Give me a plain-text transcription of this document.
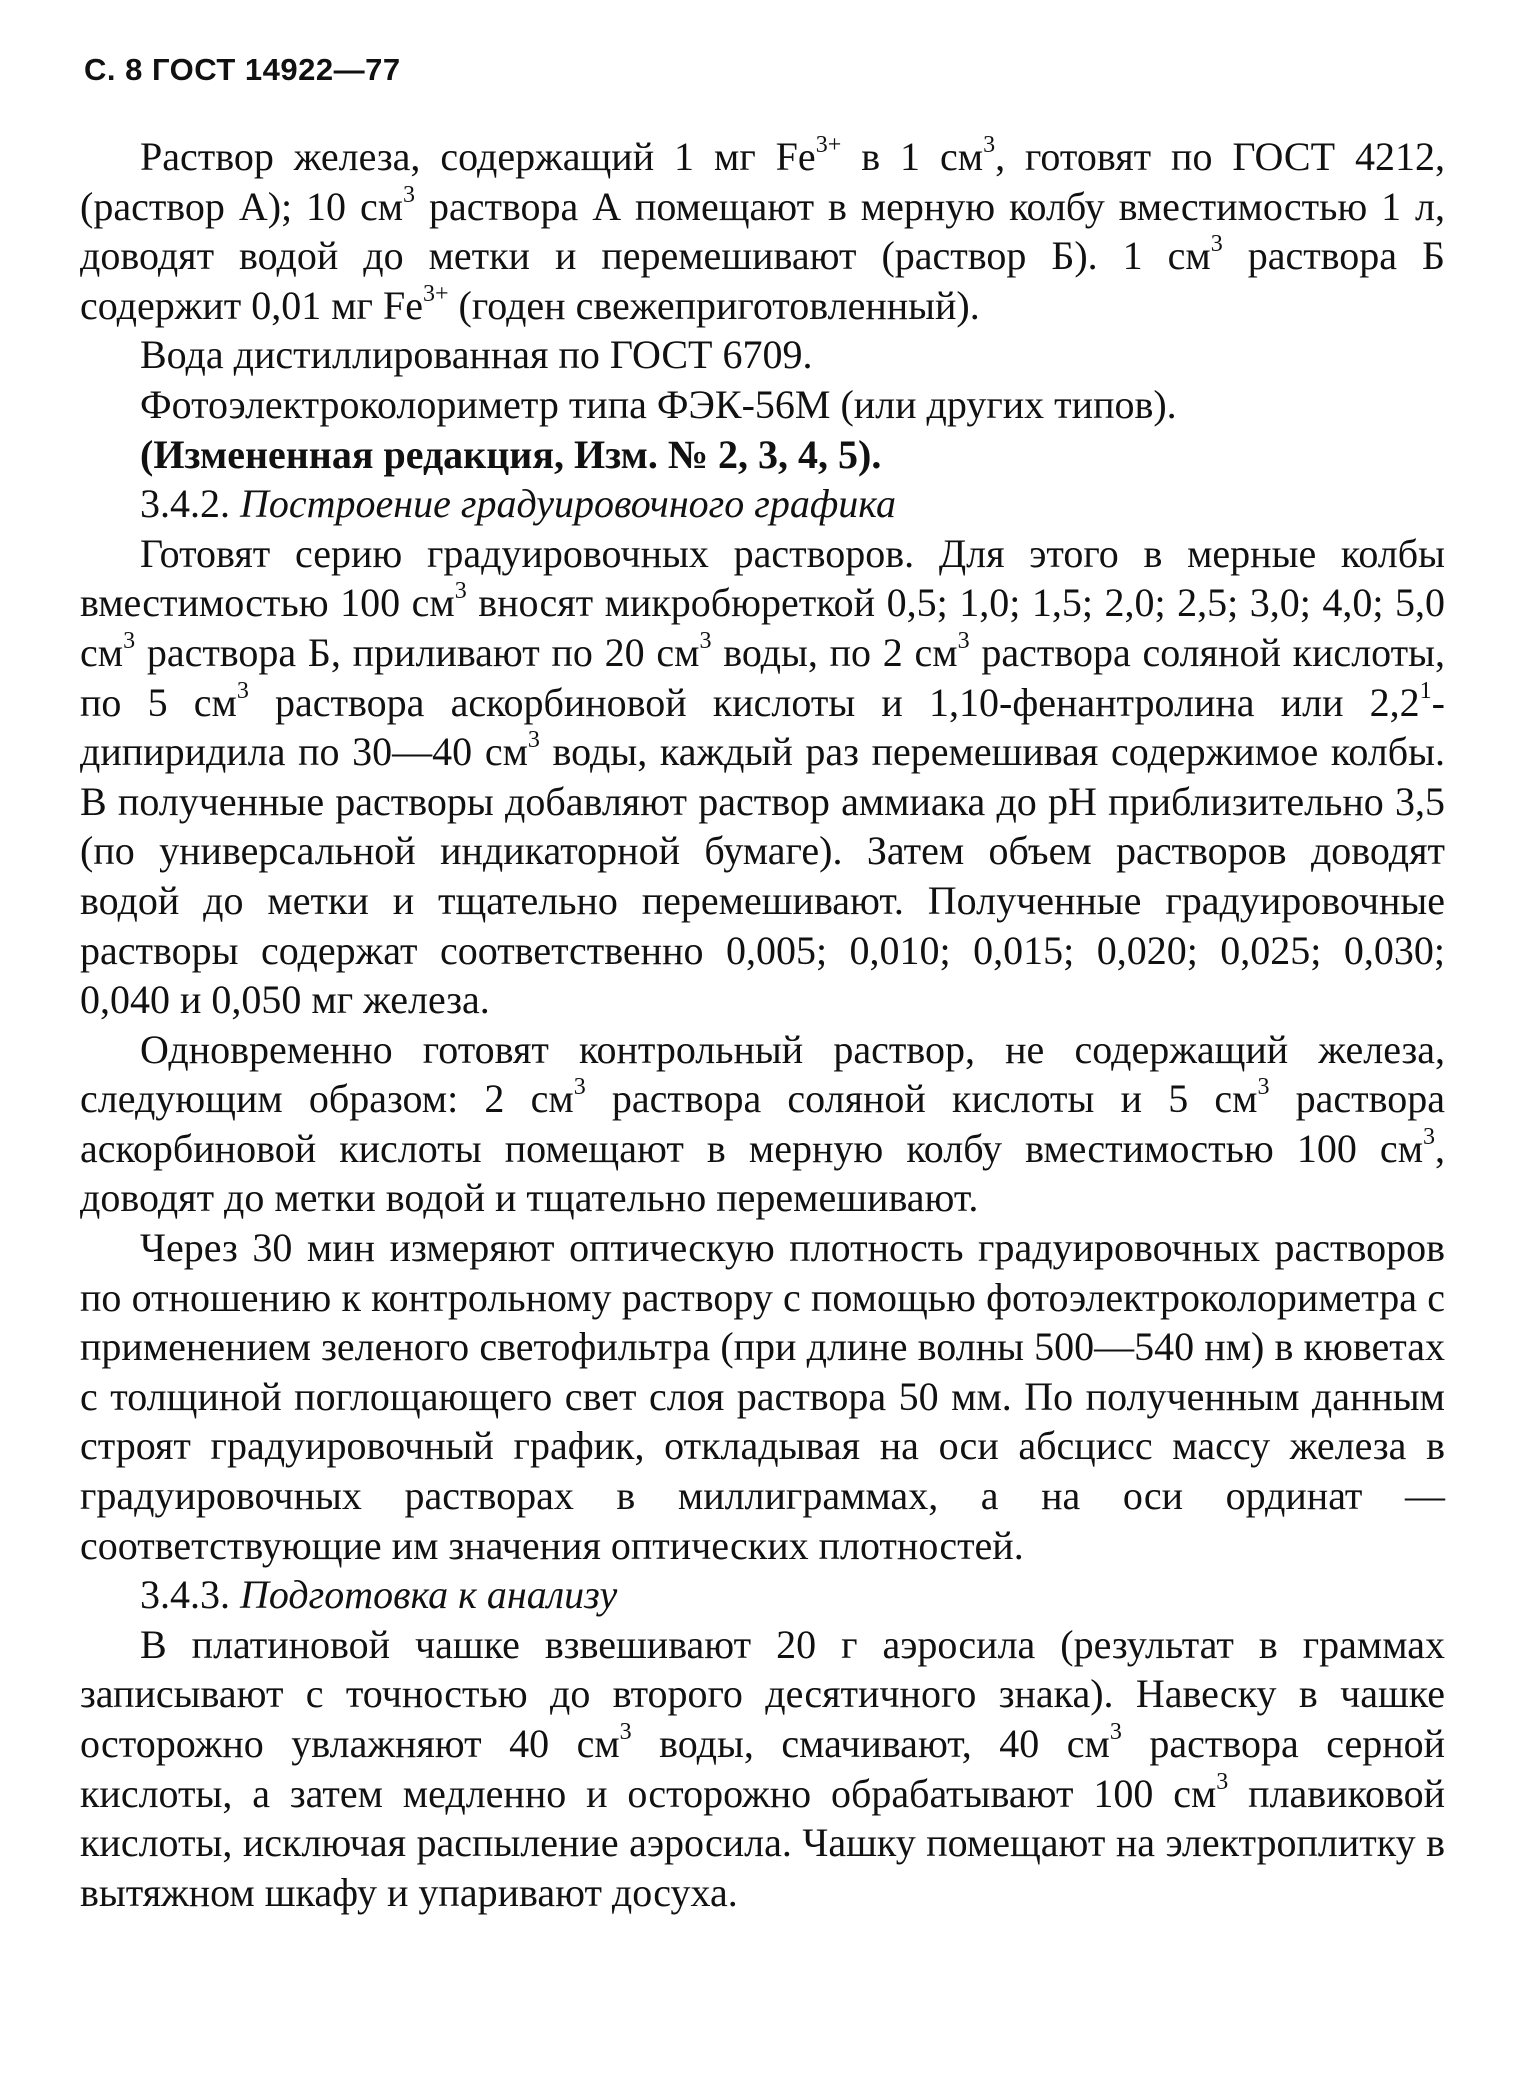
С. 8 ГОСТ 14922—77

Раствор железа, содержащий 1 мг $Fe^{3+}$ в 1 $см^3$, готовят по ГОСТ 4212, (раствор А); 10 $см^3$ раствора А помещают в мерную колбу вместимостью 1 л, доводят водой до метки и перемешивают (раствор Б). 1 $см^3$ раствора Б содержит 0,01 мг $Fe^{3+}$ (годен свежеприготовленный).

Вода дистиллированная по ГОСТ 6709.

Фотоэлектроколориметр типа ФЭК-56М (или других типов).

(Измененная редакция, Изм. № 2, 3, 4, 5).

3.4.2. Построение градуировочного графика

Готовят серию градуировочных растворов. Для этого в мерные колбы вместимостью 100 $см^3$ вносят микробюреткой 0,5; 1,0; 1,5; 2,0; 2,5; 3,0; 4,0; 5,0 $см^3$ раствора Б, приливают по 20 $см^3$ воды, по 2 $см^3$ раствора соляной кислоты, по 5 $см^3$ раствора аскорбиновой кислоты и 1,10-фенантролина или $2,2^1$-дипиридила по 30—40 $см^3$ воды, каждый раз перемешивая содержимое колбы. В полученные растворы добавляют раствор аммиака до pH приблизительно 3,5 (по универсальной индикаторной бумаге). Затем объем растворов доводят водой до метки и тщательно перемешивают. Полученные градуировочные растворы содержат соответственно 0,005; 0,010; 0,015; 0,020; 0,025; 0,030; 0,040 и 0,050 мг железа.

Одновременно готовят контрольный раствор, не содержащий железа, следующим образом: 2 $см^3$ раствора соляной кислоты и 5 $см^3$ раствора аскорбиновой кислоты помещают в мерную колбу вместимостью 100 $см^3$, доводят до метки водой и тщательно перемешивают.

Через 30 мин измеряют оптическую плотность градуировочных растворов по отношению к контрольному раствору с помощью фотоэлектроколориметра с применением зеленого светофильтра (при длине волны 500—540 нм) в кюветах с толщиной поглощающего свет слоя раствора 50 мм. По полученным данным строят градуировочный график, откладывая на оси абсцисс массу железа в градуировочных растворах в миллиграммах, а на оси ординат — соответствующие им значения оптических плотностей.

3.4.3. Подготовка к анализу

В платиновой чашке взвешивают 20 г аэросила (результат в граммах записывают с точностью до второго десятичного знака). Навеску в чашке осторожно увлажняют 40 $см^3$ воды, смачивают, 40 $см^3$ раствора серной кислоты, а затем медленно и осторожно обрабатывают 100 $см^3$ плавиковой кислоты, исключая распыление аэросила. Чашку помещают на электроплитку в вытяжном шкафу и упаривают досуха.
